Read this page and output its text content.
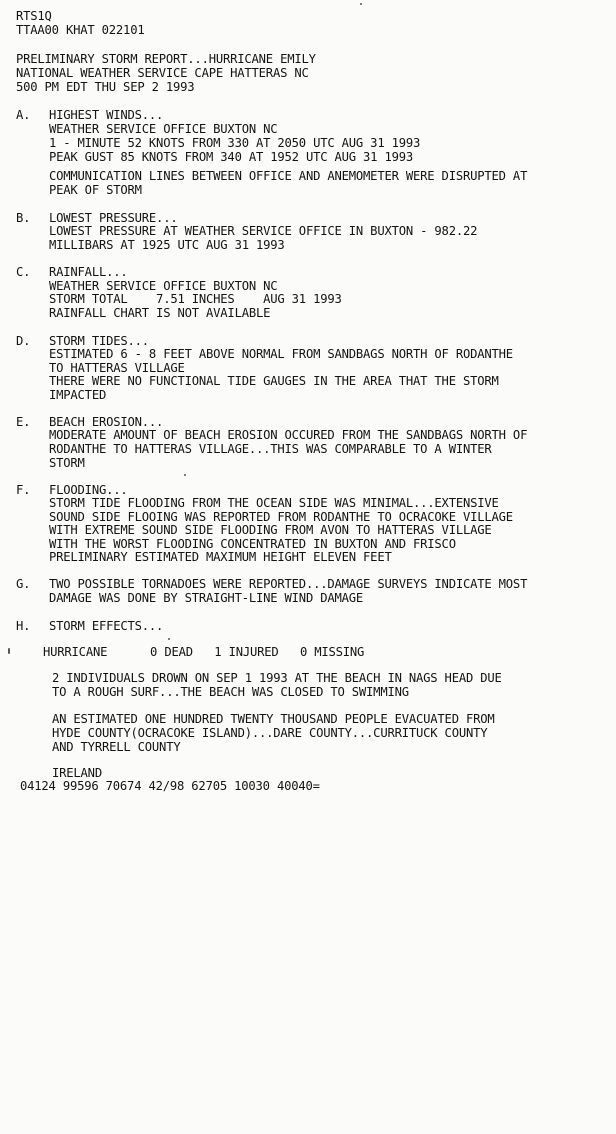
RTS1Q

TTAA00 KHAT 022101

PRELIMINARY STORM REPORT...HURRICANE EMILY

NATIONAL WEATHER SERVICE CAPE HATTERAS NC

500 PM EDT THU SEP 2 1993

A.

HIGHEST WINDS...

WEATHER SERVICE OFFICE BUXTON NC

1 - MINUTE 52 KNOTS FROM 330 AT 2050 UTC AUG 31 1993

PEAK GUST 85 KNOTS FROM 340 AT 1952 UTC AUG 31 1993

COMMUNICATION LINES BETWEEN OFFICE AND ANEMOMETER WERE DISRUPTED AT

PEAK OF STORM

B.

LOWEST PRESSURE...

LOWEST PRESSURE AT WEATHER SERVICE OFFICE IN BUXTON - 982.22

MILLIBARS AT 1925 UTC AUG 31 1993

C.

RAINFALL...

WEATHER SERVICE OFFICE BUXTON NC

STORM TOTAL    7.51 INCHES    AUG 31 1993

RAINFALL CHART IS NOT AVAILABLE

D.

STORM TIDES...

ESTIMATED 6 - 8 FEET ABOVE NORMAL FROM SANDBAGS NORTH OF RODANTHE

TO HATTERAS VILLAGE

THERE WERE NO FUNCTIONAL TIDE GAUGES IN THE AREA THAT THE STORM

IMPACTED

E.

BEACH EROSION...

MODERATE AMOUNT OF BEACH EROSION OCCURED FROM THE SANDBAGS NORTH OF

RODANTHE TO HATTERAS VILLAGE...THIS WAS COMPARABLE TO A WINTER

STORM

F.

FLOODING...

STORM TIDE FLOODING FROM THE OCEAN SIDE WAS MINIMAL...EXTENSIVE

SOUND SIDE FLOOING WAS REPORTED FROM RODANTHE TO OCRACOKE VILLAGE

WITH EXTREME SOUND SIDE FLOODING FROM AVON TO HATTERAS VILLAGE

WITH THE WORST FLOODING CONCENTRATED IN BUXTON AND FRISCO

PRELIMINARY ESTIMATED MAXIMUM HEIGHT ELEVEN FEET

G.

TWO POSSIBLE TORNADOES WERE REPORTED...DAMAGE SURVEYS INDICATE MOST

DAMAGE WAS DONE BY STRAIGHT-LINE WIND DAMAGE

H.

STORM EFFECTS...

HURRICANE      0 DEAD   1 INJURED   0 MISSING

2 INDIVIDUALS DROWN ON SEP 1 1993 AT THE BEACH IN NAGS HEAD DUE

TO A ROUGH SURF...THE BEACH WAS CLOSED TO SWIMMING

AN ESTIMATED ONE HUNDRED TWENTY THOUSAND PEOPLE EVACUATED FROM

HYDE COUNTY(OCRACOKE ISLAND)...DARE COUNTY...CURRITUCK COUNTY

AND TYRRELL COUNTY

IRELAND

04124 99596 70674 42/98 62705 10030 40040=
